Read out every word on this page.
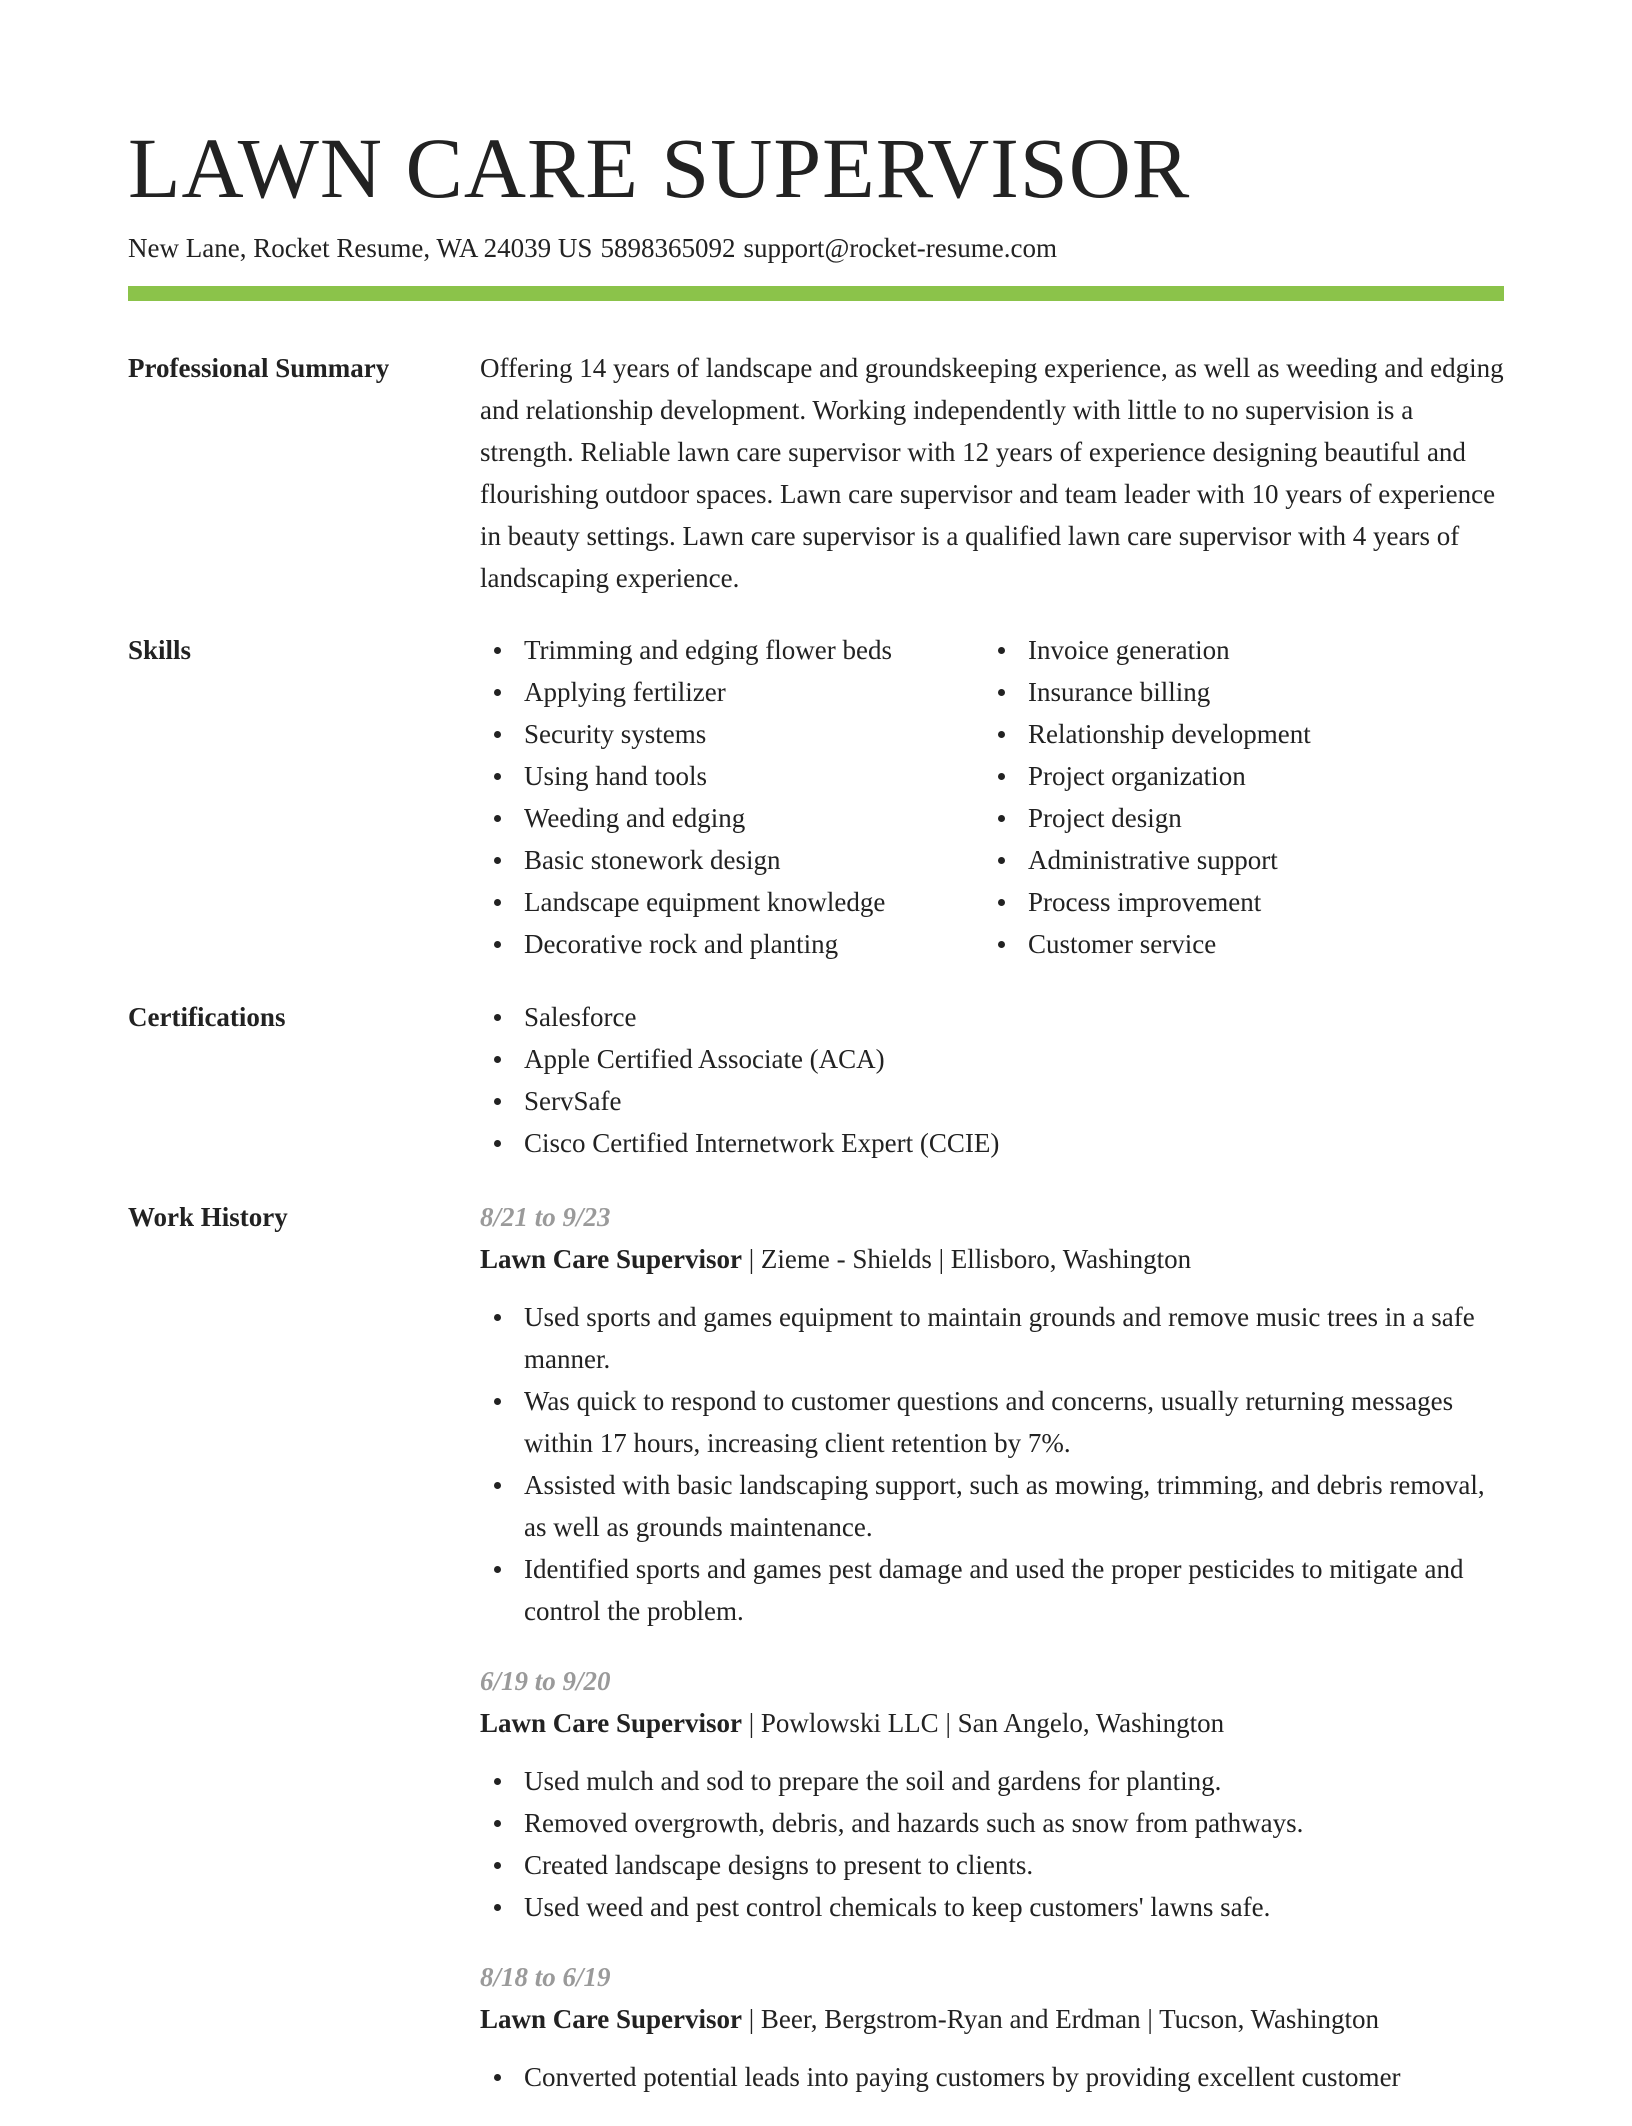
LAWN CARE SUPERVISOR
New Lane, Rocket Resume, WA 24039 US 5898365092 support@rocket-resume.com
Professional Summary	Offering 14 years of landscape and groundskeeping experience, as well as weeding and edging and relationship development. Working independently with little to no supervision is a strength. Reliable lawn care supervisor with 12 years of experience designing beautiful and flourishing outdoor spaces. Lawn care supervisor and team leader with 10 years of experience in beauty settings. Lawn care supervisor is a qualified lawn care supervisor with 4 years of landscaping experience.

Skills	Trimming and edging flower beds
Applying fertilizer
Security systems
Using hand tools
Weeding and edging
Basic stonework design
Landscape equipment knowledge
Decorative rock and planting
Invoice generation
Insurance billing
Relationship development
Project organization
Project design
Administrative support
Process improvement
Customer service
Certifications	Salesforce
Apple Certified Associate (ACA)
ServSafe
Cisco Certified Internetwork Expert (CCIE)
Work History	8/21 to 9/23
Lawn Care Supervisor | Zieme - Shields | Ellisboro, Washington
Used sports and games equipment to maintain grounds and remove music trees in a safe manner.
Was quick to respond to customer questions and concerns, usually returning messages within 17 hours, increasing client retention by 7%.
Assisted with basic landscaping support, such as mowing, trimming, and debris removal, as well as grounds maintenance.
Identified sports and games pest damage and used the proper pesticides to mitigate and control the problem.
6/19 to 9/20
Lawn Care Supervisor | Powlowski LLC | San Angelo, Washington
Used mulch and sod to prepare the soil and gardens for planting.
Removed overgrowth, debris, and hazards such as snow from pathways.
Created landscape designs to present to clients.
Used weed and pest control chemicals to keep customers' lawns safe.
8/18 to 6/19
Lawn Care Supervisor | Beer, Bergstrom-Ryan and Erdman | Tucson, Washington
Converted potential leads into paying customers by providing excellent customer
